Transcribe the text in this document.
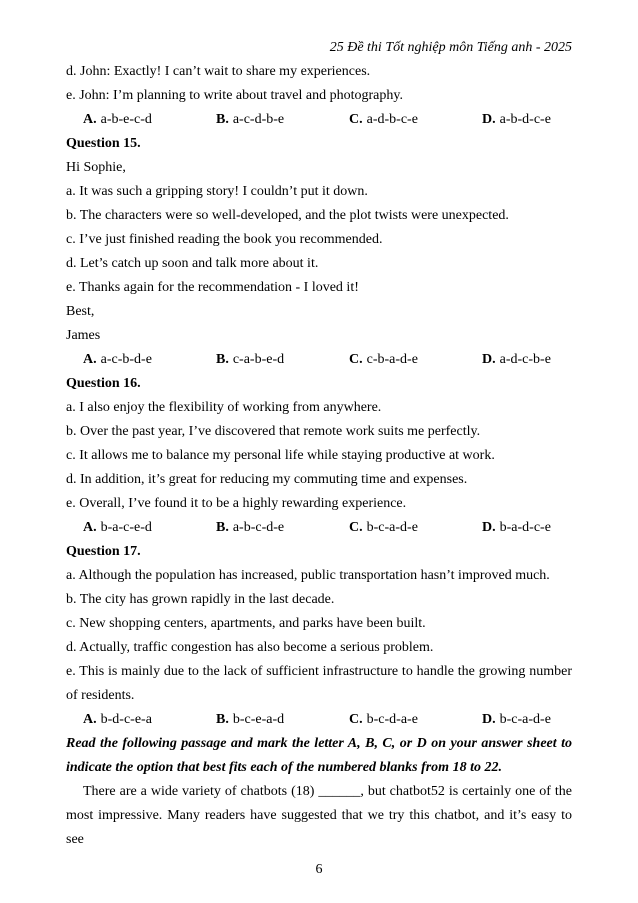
25 Đề thi Tốt nghiệp môn Tiếng anh - 2025

d. John: Exactly! I can’t wait to share my experiences.

e. John: I’m planning to write about travel and photography.

A. a-b-e-c-d	B. a-c-d-b-e	C. a-d-b-c-e	D. a-b-d-c-e

Question 15.

Hi Sophie,

a. It was such a gripping story! I couldn’t put it down.

b. The characters were so well-developed, and the plot twists were unexpected.

c. I’ve just finished reading the book you recommended.

d. Let’s catch up soon and talk more about it.

e. Thanks again for the recommendation - I loved it!

Best,

James

A. a-c-b-d-e	B. c-a-b-e-d	C. c-b-a-d-e	D. a-d-c-b-e

Question 16.

a. I also enjoy the flexibility of working from anywhere.

b. Over the past year, I’ve discovered that remote work suits me perfectly.

c. It allows me to balance my personal life while staying productive at work.

d. In addition, it’s great for reducing my commuting time and expenses.

e. Overall, I’ve found it to be a highly rewarding experience.

A. b-a-c-e-d	B. a-b-c-d-e	C. b-c-a-d-e	D. b-a-d-c-e

Question 17.

a. Although the population has increased, public transportation hasn’t improved much.

b. The city has grown rapidly in the last decade.

c. New shopping centers, apartments, and parks have been built.

d. Actually, traffic congestion has also become a serious problem.

e. This is mainly due to the lack of sufficient infrastructure to handle the growing number of residents.

A. b-d-c-e-a	B. b-c-e-a-d	C. b-c-d-a-e	D. b-c-a-d-e

Read the following passage and mark the letter A, B, C, or D on your answer sheet to indicate the option that best fits each of the numbered blanks from 18 to 22.

There are a wide variety of chatbots (18) ______, but chatbot52 is certainly one of the most impressive. Many readers have suggested that we try this chatbot, and it’s easy to see

6
